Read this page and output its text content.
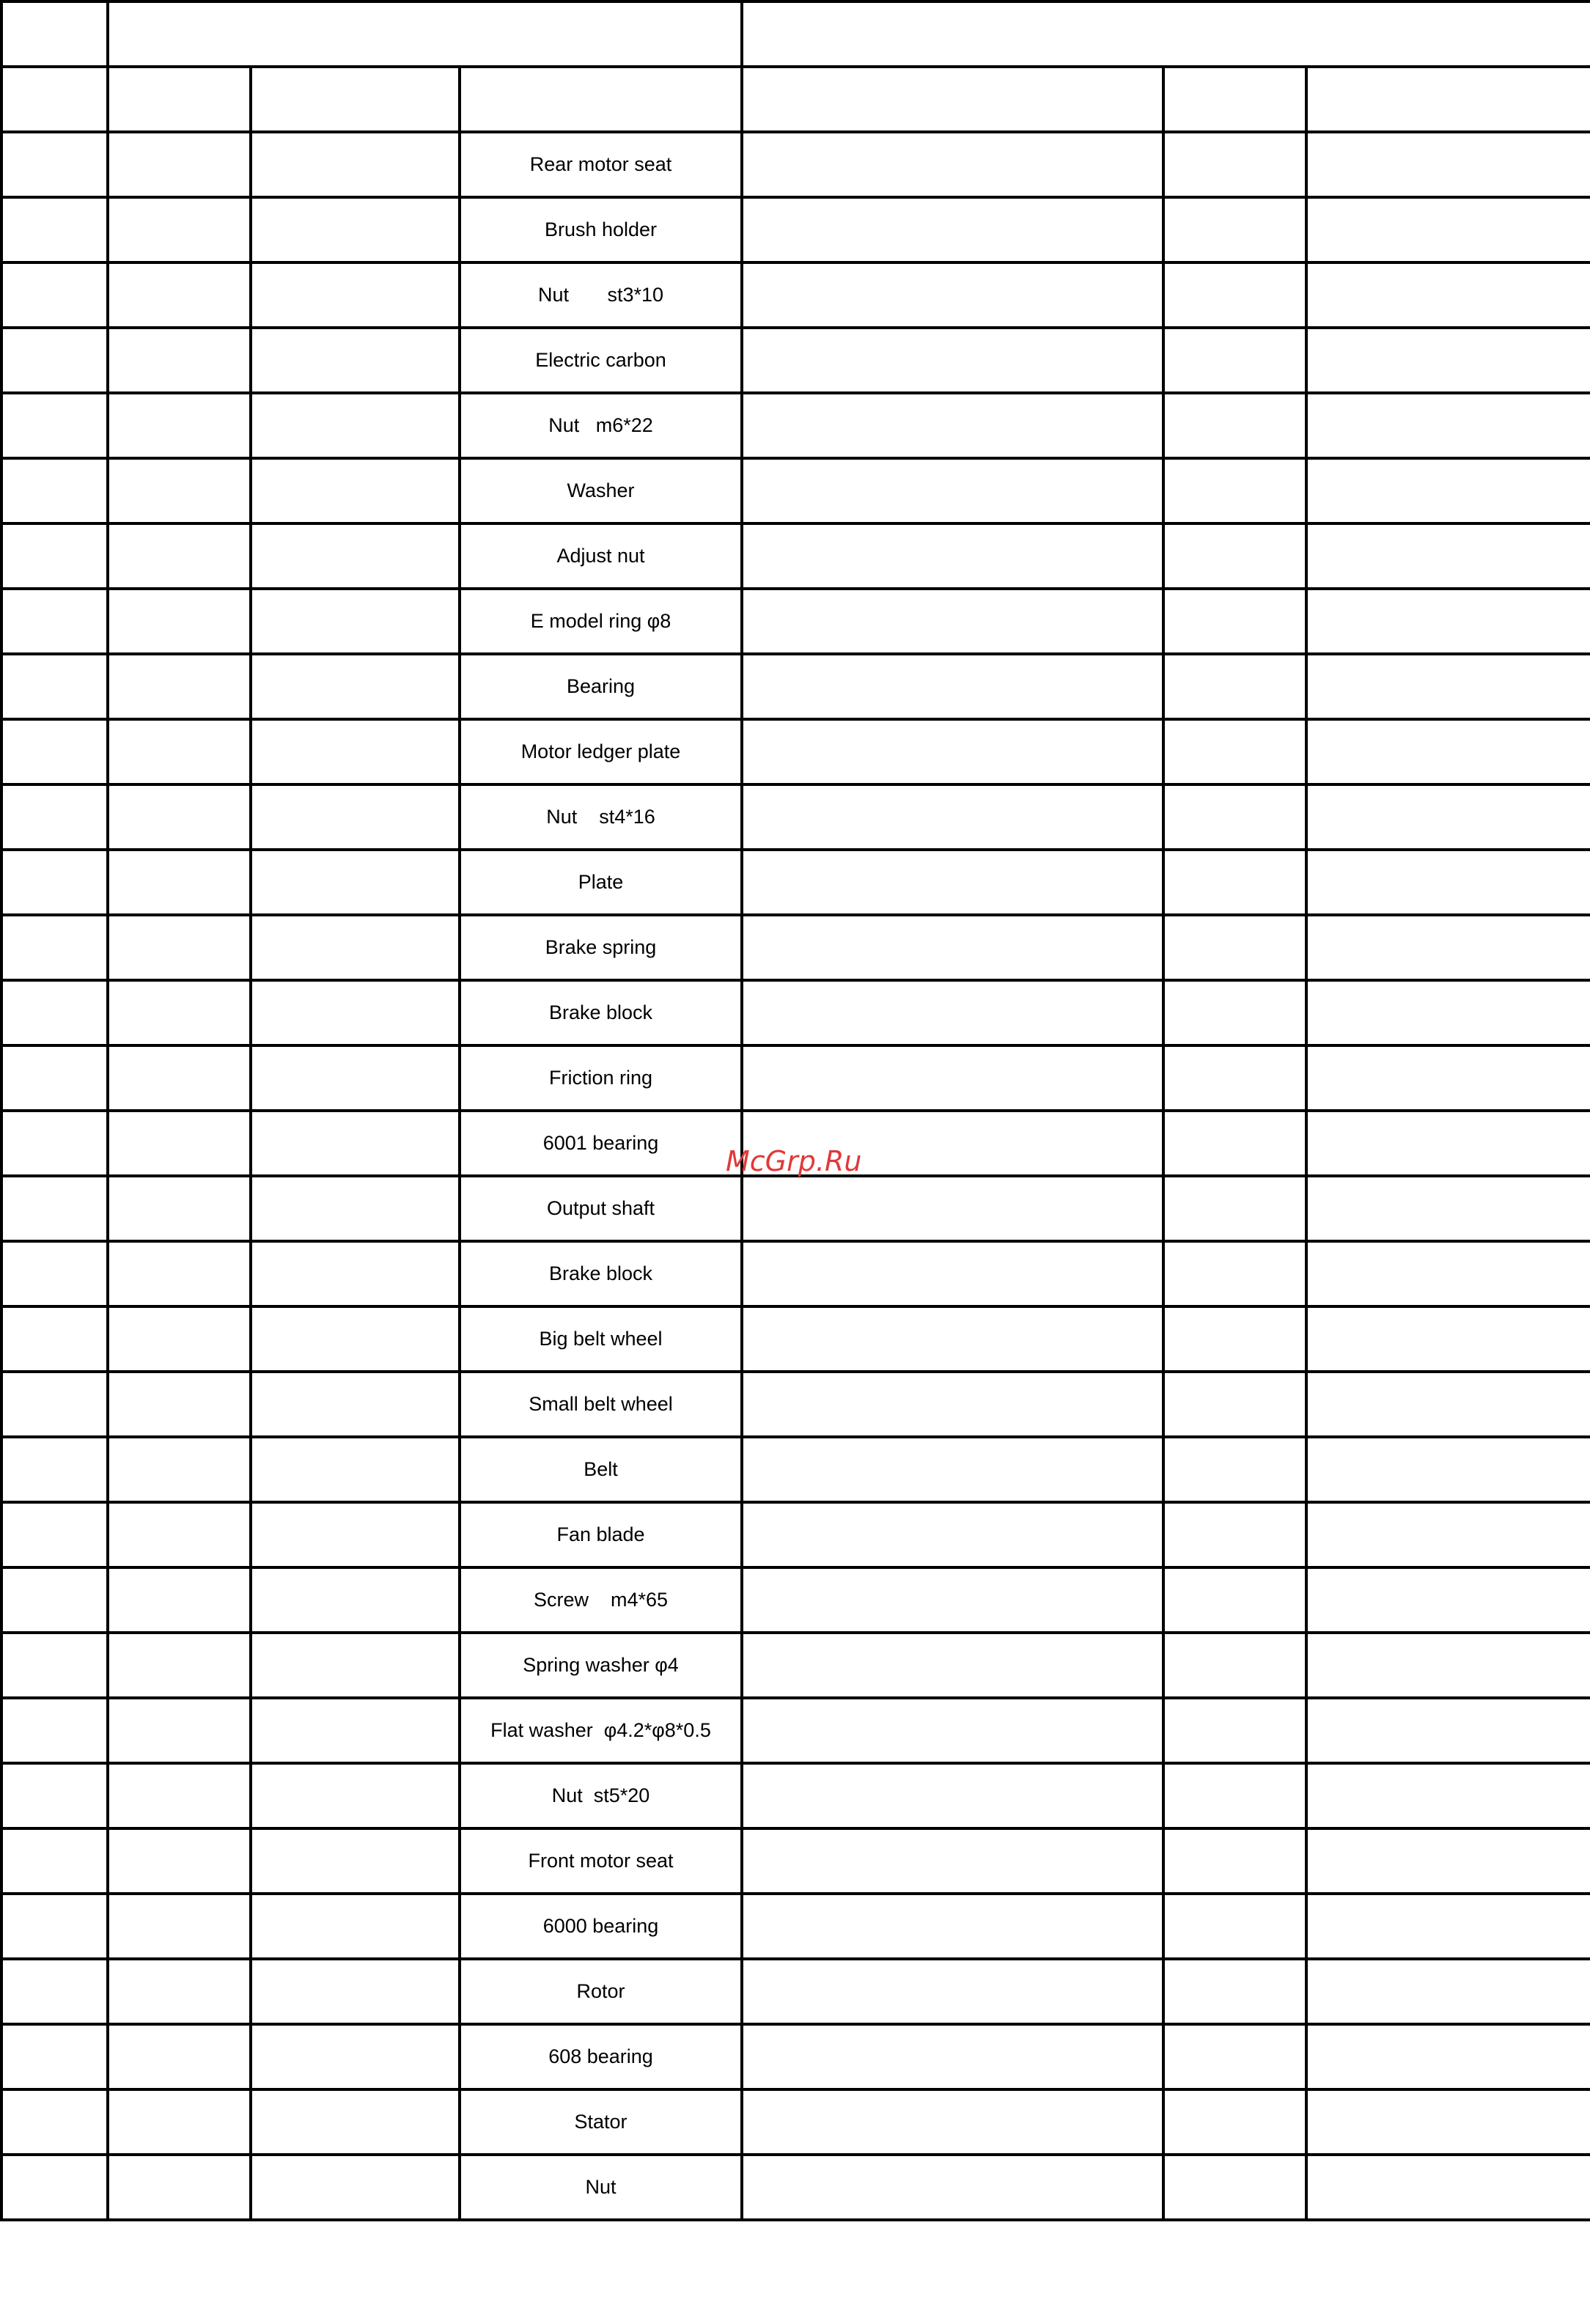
			Rear motor seat			
			Brush holder			
			Nut       st3*10			
			Electric carbon			
			Nut   m6*22			
			Washer			
			Adjust nut			
			E model ring φ8			
			Bearing			
			Motor ledger plate			
			Nut    st4*16			
			Plate			
			Brake spring			
			Brake block			
			Friction ring			
			6001 bearing			
			Output shaft			
			Brake block			
			Big belt wheel			
			Small belt wheel			
			Belt			
			Fan blade			
			Screw    m4*65			
			Spring washer φ4			
			Flat washer  φ4.2*φ8*0.5			
			Nut  st5*20			
			Front motor seat			
			6000 bearing			
			Rotor			
			608 bearing			
			Stator			
			Nut			
McGrp.Ru
